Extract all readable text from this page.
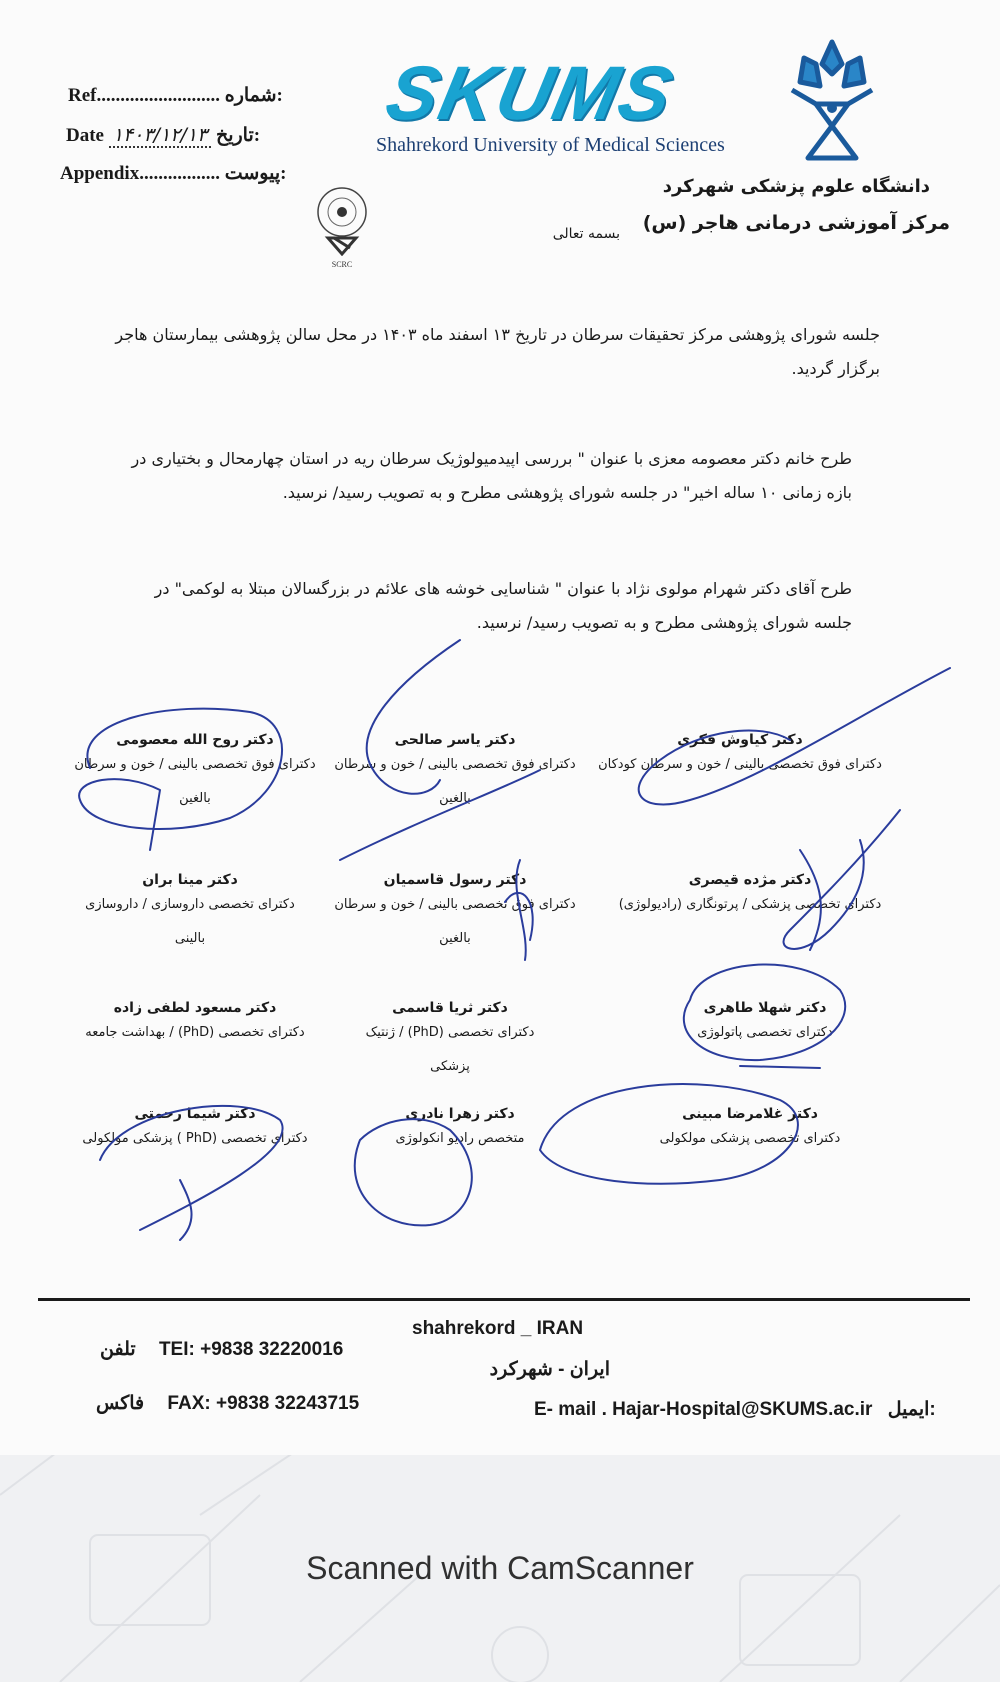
Ref.......................... :شماره
Date ۱۴۰۳/۱۲/۱۳ :تاریخ
Appendix................. :پیوست
SKUMS
Shahrekord University of Medical Sciences
دانشگاه علوم پزشکی شهرکرد
مرکز آموزشی درمانی هاجر (س)
SCRC
بسمه تعالی
جلسه شورای پژوهشی مرکز تحقیقات سرطان در تاریخ ۱۳ اسفند ماه ۱۴۰۳ در محل سالن پژوهشی بیمارستان هاجر برگزار گردید.
طرح خانم دکتر معصومه معزی با عنوان " بررسی اپیدمیولوژیک سرطان ریه در استان چهارمحال و بختیاری در بازه زمانی ۱۰ ساله اخیر" در جلسه شورای پژوهشی مطرح و به تصویب رسید/ نرسید.
طرح آقای دکتر شهرام مولوی نژاد با عنوان " شناسایی خوشه های علائم در بزرگسالان مبتلا به لوکمی" در جلسه شورای پژوهشی مطرح و به تصویب رسید/ نرسید.
دکتر روح الله معصومی
دکترای فوق تخصصی بالینی / خون و سرطان بالغین
دکتر یاسر صالحی
دکترای فوق تخصصی بالینی / خون و سرطان بالغین
دکتر کیاوش فکری
دکترای فوق تخصصی بالینی / خون و سرطان کودکان
دکتر مینا بران
دکترای تخصصی داروسازی / داروسازی بالینی
دکتر رسول قاسمیان
دکترای فوق تخصصی بالینی / خون و سرطان بالغین
دکتر مژده قیصری
دکترای تخصصی پزشکی / پرتونگاری (رادیولوژی)
دکتر مسعود لطفی زاده
دکترای تخصصی (PhD) / بهداشت جامعه
دکتر ثریا قاسمی
دکترای تخصصی (PhD) / ژنتیک پزشکی
دکتر شهلا طاهری
دکترای تخصصی پاتولوژی
دکتر شیما رحمتی
دکترای تخصصی (PhD ) پزشکی مولکولی
دکتر زهرا نادری
متخصص رادیو انکولوژی
دکتر غلامرضا مبینی
دکترای تخصصی پزشکی مولکولی
تلفن TEI: +9838 32220016
فاکس FAX: +9838 32243715
shahrekord _ IRAN
ایران - شهرکرد
E- mail . Hajar-Hospital@SKUMS.ac.ir :ایمیل
Scanned with CamScanner
